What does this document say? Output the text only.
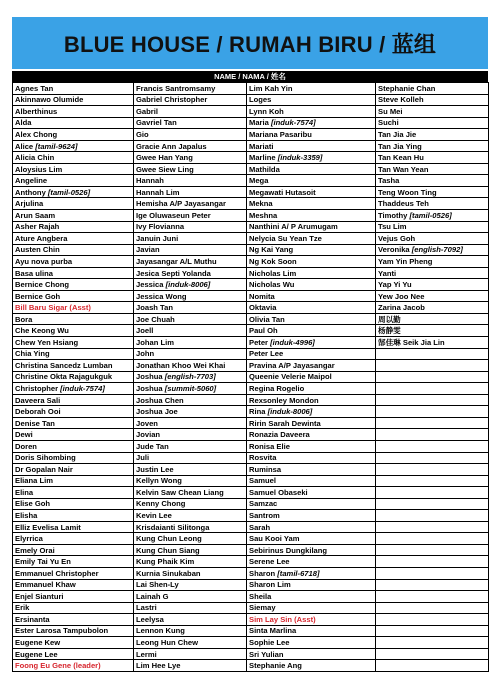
BLUE HOUSE / RUMAH BIRU / 蓝组
NAME / NAMA / 姓名
Agnes Tan	Francis Santromsamy	Lim Kah Yin	Stephanie Chan
Akinnawo Olumide	Gabriel Christopher	Loges	Steve Kolleh
Alberthinus	Gabril	Lynn Koh	Su Mei
Alda	Gavriel Tan	Maria [induk-7574]	Suchi
Alex Chong	Gio	Mariana Pasaribu	Tan Jia Jie
Alice [tamil-9624]	Gracie Ann Japalus	Mariati	Tan Jia Ying
Alicia Chin	Gwee Han Yang	Marline [induk-3359]	Tan Kean Hu
Aloysius Lim	Gwee Siew Ling	Mathilda	Tan Wan Yean
Angeline	Hannah	Mega	Tasha
Anthony [tamil-0526]	Hannah Lim	Megawati Hutasoit	Teng Woon Ting
Arjulina	Hemisha A/P Jayasangar	Mekna	Thaddeus Teh
Arun Saam	Ige Oluwaseun Peter	Meshna	Timothy [tamil-0526]
Asher Rajah	Ivy Flovianna	Nanthini A/ P Arumugam	Tsu Lim
Ature Angbera	Januin Juni	Nelycia Su Yean Tze	Vejus Goh
Austen Chin	Javian	Ng Kai Yang	Veronika [english-7092]
Ayu nova purba	Jayasangar A/L Muthu	Ng Kok Soon	Yam Yin Pheng
Basa ulina	Jesica Septi Yolanda	Nicholas Lim	Yanti
Bernice Chong	Jessica [induk-8006]	Nicholas Wu	Yap Yi Yu
Bernice Goh	Jessica Wong	Nomita	Yew Joo Nee
Bill Baru Sigar (Asst)	Joash Tan	Oktavia	Zarina Jacob
Bora	Joe Chuah	Olivia Tan	周以勤
Che Keong Wu	Joell	Paul Oh	杨静雯
Chew Yen Hsiang	Johan Lim	Peter [induk-4996]	郜佳琳 Seik Jia Lin
Chia Ying	John	Peter Lee	
Christina Sancedz Lumban	Jonathan Khoo Wei Khai	Pravina A/P Jayasangar	
Christine Okta Rajagukguk	Joshua [english-7703]	Queenie Velerie Maipol	
Christopher [induk-7574]	Joshua [summit-5060]	Regina Rogelio	
Daveera Sali	Joshua Chen	Rexsonley Mondon	
Deborah Ooi	Joshua Joe	Rina [induk-8006]	
Denise Tan	Joven	Ririn Sarah Dewinta	
Dewi	Jovian	Ronazia Daveera	
Doren	Jude Tan	Ronisa Elie	
Doris Sihombing	Juli	Rosvita	
Dr Gopalan Nair	Justin Lee	Ruminsa	
Eliana Lim	Kellyn Wong	Samuel	
Elina	Kelvin Saw Chean Liang	Samuel Obaseki	
Elise Goh	Kenny Chong	Samzac	
Elisha	Kevin Lee	Santrom	
Elliz Evelisa Lamit	Krisdaianti Silitonga	Sarah	
Elyrrica	Kung Chun Leong	Sau Kooi Yam	
Emely Orai	Kung Chun Siang	Sebirinus Dungkilang	
Emily Tai Yu En	Kung Phaik Kim	Serene Lee	
Emmanuel Christopher	Kurnia Sinukaban	Sharon [tamil-6718]	
Emmanuel Khaw	Lai Shen-Ly	Sharon Lim	
Enjel Sianturi	Lainah G	Sheila	
Erik	Lastri	Siemay	
Ersinanta	Leelysa	Sim Lay Sin (Asst)	
Ester Larosa Tampubolon	Lennon Kung	Sinta Marlina	
Eugene Kew	Leong Hun Chew	Sophie Lee	
Eugene Lee	Lermi	Sri Yulian	
Foong Eu Gene (leader)	Lim Hee Lye	Stephanie Ang	
